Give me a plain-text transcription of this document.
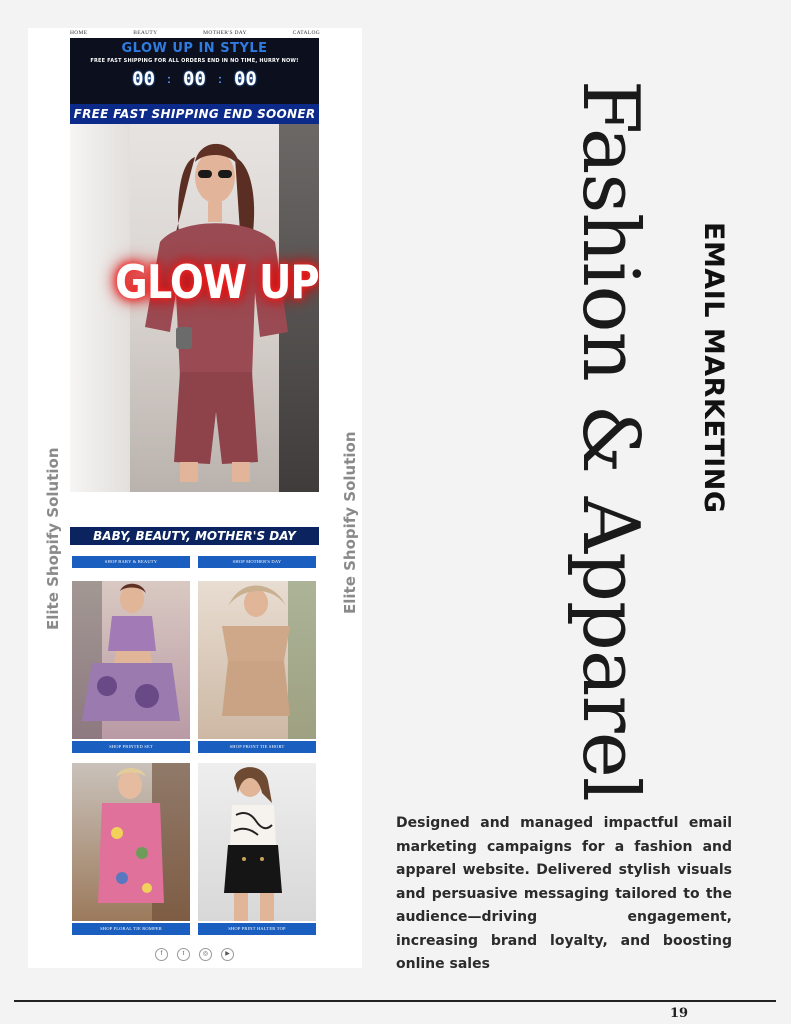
HOME	BEAUTY	MOTHER'S DAY	CATALOG
GLOW UP IN STYLE
FREE FAST SHIPPING FOR ALL ORDERS END IN NO TIME, HURRY NOW!
00 : 00 : 00
FREE FAST SHIPPING END SOONER
GLOW UP
Elite Shopify Solution	Elite Shopify Solution
BABY, BEAUTY, MOTHER'S DAY
SHOP BABY & BEAUTY	SHOP MOTHER'S DAY
SHOP PRINTED SET	SHOP FRONT TIE SHORT
SHOP FLORAL TIE ROMPER	SHOP PRINT HALTER TOP
f	t	◎	▶
Fashion & Apparel EMAIL MARKETING
Designed and managed impactful email marketing campaigns for a fashion and apparel website. Delivered stylish visuals and persuasive messaging tailored to the audience—driving engagement, increasing brand loyalty, and boosting online sales
19
